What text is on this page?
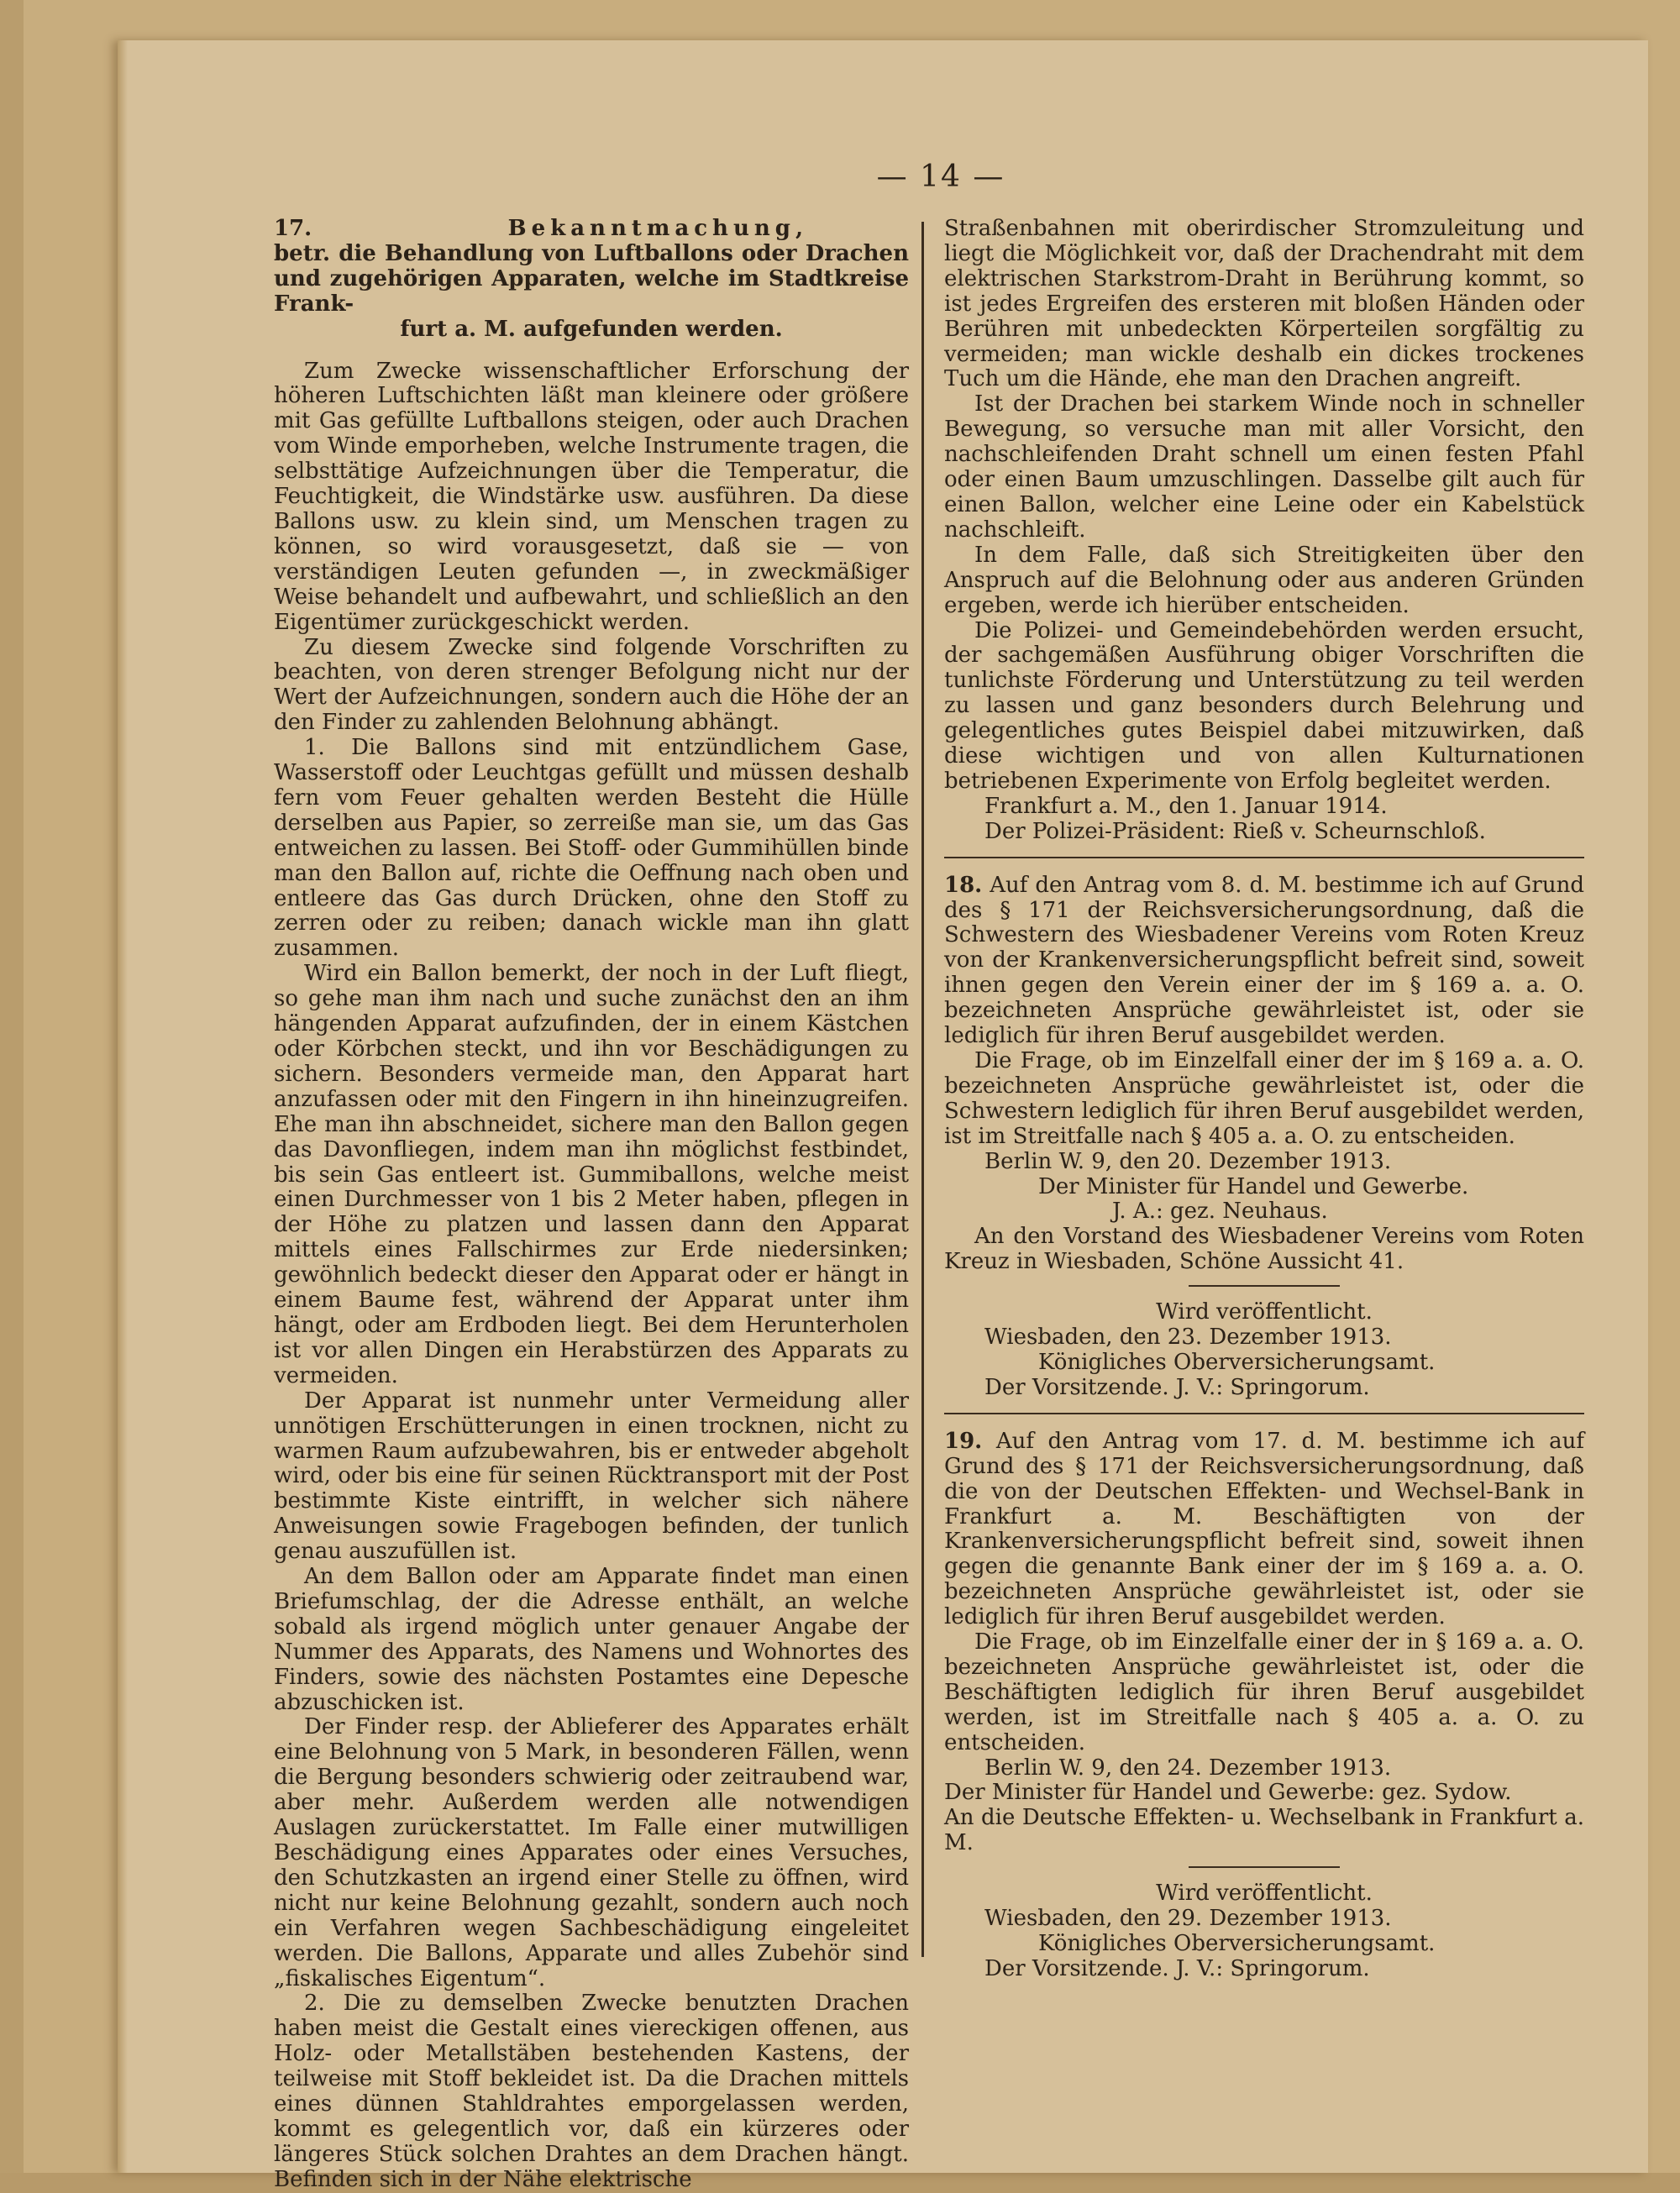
— 14 —
17.	Bekanntmachung,

betr. die Behandlung von Luftballons oder Drachen und zugehörigen Apparaten, welche im Stadtkreise Frank-

furt a. M. aufgefunden werden.

Zum Zwecke wissenschaftlicher Erforschung der höheren Luftschichten läßt man kleinere oder größere mit Gas gefüllte Luftballons steigen, oder auch Drachen vom Winde emporheben, welche Instrumente tragen, die selbsttätige Aufzeichnungen über die Temperatur, die Feuchtigkeit, die Windstärke usw. ausführen. Da diese Ballons usw. zu klein sind, um Menschen tragen zu können, so wird vorausgesetzt, daß sie — von verständigen Leuten gefunden —, in zweckmäßiger Weise behandelt und aufbewahrt, und schließlich an den Eigentümer zurückgeschickt werden.

Zu diesem Zwecke sind folgende Vorschriften zu beachten, von deren strenger Befolgung nicht nur der Wert der Aufzeichnungen, sondern auch die Höhe der an den Finder zu zahlenden Belohnung abhängt.

1. Die Ballons sind mit entzündlichem Gase, Wasserstoff oder Leuchtgas gefüllt und müssen deshalb fern vom Feuer gehalten werden Besteht die Hülle derselben aus Papier, so zerreiße man sie, um das Gas entweichen zu lassen. Bei Stoff- oder Gummihüllen binde man den Ballon auf, richte die Oeffnung nach oben und entleere das Gas durch Drücken, ohne den Stoff zu zerren oder zu reiben; danach wickle man ihn glatt zusammen.

Wird ein Ballon bemerkt, der noch in der Luft fliegt, so gehe man ihm nach und suche zunächst den an ihm hängenden Apparat aufzufinden, der in einem Kästchen oder Körbchen steckt, und ihn vor Beschädigungen zu sichern. Besonders vermeide man, den Apparat hart anzufassen oder mit den Fingern in ihn hineinzugreifen. Ehe man ihn abschneidet, sichere man den Ballon gegen das Davonfliegen, indem man ihn möglichst festbindet, bis sein Gas entleert ist. Gummiballons, welche meist einen Durchmesser von 1 bis 2 Meter haben, pflegen in der Höhe zu platzen und lassen dann den Apparat mittels eines Fallschirmes zur Erde niedersinken; gewöhnlich bedeckt dieser den Apparat oder er hängt in einem Baume fest, während der Apparat unter ihm hängt, oder am Erdboden liegt. Bei dem Herunterholen ist vor allen Dingen ein Herabstürzen des Apparats zu vermeiden.

Der Apparat ist nunmehr unter Vermeidung aller unnötigen Erschütterungen in einen trocknen, nicht zu warmen Raum aufzubewahren, bis er entweder abgeholt wird, oder bis eine für seinen Rücktransport mit der Post bestimmte Kiste eintrifft, in welcher sich nähere Anweisungen sowie Fragebogen befinden, der tunlich genau auszufüllen ist.

An dem Ballon oder am Apparate findet man einen Briefumschlag, der die Adresse enthält, an welche sobald als irgend möglich unter genauer Angabe der Nummer des Apparats, des Namens und Wohnortes des Finders, sowie des nächsten Postamtes eine Depesche abzuschicken ist.

Der Finder resp. der Ablieferer des Apparates erhält eine Belohnung von 5 Mark, in besonderen Fällen, wenn die Bergung besonders schwierig oder zeitraubend war, aber mehr. Außerdem werden alle notwendigen Auslagen zurückerstattet. Im Falle einer mutwilligen Beschädigung eines Apparates oder eines Versuches, den Schutzkasten an irgend einer Stelle zu öffnen, wird nicht nur keine Belohnung gezahlt, sondern auch noch ein Verfahren wegen Sachbeschädigung eingeleitet werden. Die Ballons, Apparate und alles Zubehör sind „fiskalisches Eigentum“.

2. Die zu demselben Zwecke benutzten Drachen haben meist die Gestalt eines viereckigen offenen, aus Holz- oder Metallstäben bestehenden Kastens, der teilweise mit Stoff bekleidet ist. Da die Drachen mittels eines dünnen Stahldrahtes emporgelassen werden, kommt es gelegentlich vor, daß ein kürzeres oder längeres Stück solchen Drahtes an dem Drachen hängt. Befinden sich in der Nähe elektrische

Straßenbahnen mit oberirdischer Stromzuleitung und liegt die Möglichkeit vor, daß der Drachendraht mit dem elektrischen Starkstrom-Draht in Berührung kommt, so ist jedes Ergreifen des ersteren mit bloßen Händen oder Berühren mit unbedeckten Körperteilen sorgfältig zu vermeiden; man wickle deshalb ein dickes trockenes Tuch um die Hände, ehe man den Drachen angreift.

Ist der Drachen bei starkem Winde noch in schneller Bewegung, so versuche man mit aller Vorsicht, den nachschleifenden Draht schnell um einen festen Pfahl oder einen Baum umzuschlingen. Dasselbe gilt auch für einen Ballon, welcher eine Leine oder ein Kabelstück nachschleift.

In dem Falle, daß sich Streitigkeiten über den Anspruch auf die Belohnung oder aus anderen Gründen ergeben, werde ich hierüber entscheiden.

Die Polizei- und Gemeindebehörden werden ersucht, der sachgemäßen Ausführung obiger Vorschriften die tunlichste Förderung und Unterstützung zu teil werden zu lassen und ganz besonders durch Belehrung und gelegentliches gutes Beispiel dabei mitzuwirken, daß diese wichtigen und von allen Kulturnationen betriebenen Experimente von Erfolg begleitet werden.

Frankfurt a. M., den 1. Januar 1914.

Der Polizei-Präsident: Rieß v. Scheurnschloß.

18. Auf den Antrag vom 8. d. M. bestimme ich auf Grund des § 171 der Reichsversicherungsordnung, daß die Schwestern des Wiesbadener Vereins vom Roten Kreuz von der Krankenversicherungspflicht befreit sind, soweit ihnen gegen den Verein einer der im § 169 a. a. O. bezeichneten Ansprüche gewährleistet ist, oder sie lediglich für ihren Beruf ausgebildet werden.

Die Frage, ob im Einzelfall einer der im § 169 a. a. O. bezeichneten Ansprüche gewährleistet ist, oder die Schwestern lediglich für ihren Beruf ausgebildet werden, ist im Streitfalle nach § 405 a. a. O. zu entscheiden.

Berlin W. 9, den 20. Dezember 1913.

Der Minister für Handel und Gewerbe.

J. A.: gez. Neuhaus.

An den Vorstand des Wiesbadener Vereins vom Roten Kreuz in Wiesbaden, Schöne Aussicht 41.

Wird veröffentlicht.

Wiesbaden, den 23. Dezember 1913.

Königliches Oberversicherungsamt.

Der Vorsitzende. J. V.: Springorum.

19. Auf den Antrag vom 17. d. M. bestimme ich auf Grund des § 171 der Reichsversicherungsordnung, daß die von der Deutschen Effekten- und Wechsel-Bank in Frankfurt a. M. Beschäftigten von der Krankenversicherungspflicht befreit sind, soweit ihnen gegen die genannte Bank einer der im § 169 a. a. O. bezeichneten Ansprüche gewährleistet ist, oder sie lediglich für ihren Beruf ausgebildet werden.

Die Frage, ob im Einzelfalle einer der in § 169 a. a. O. bezeichneten Ansprüche gewährleistet ist, oder die Beschäftigten lediglich für ihren Beruf ausgebildet werden, ist im Streitfalle nach § 405 a. a. O. zu entscheiden.

Berlin W. 9, den 24. Dezember 1913.

Der Minister für Handel und Gewerbe: gez. Sydow.

An die Deutsche Effekten- u. Wechselbank in Frankfurt a. M.

Wird veröffentlicht.

Wiesbaden, den 29. Dezember 1913.

Königliches Oberversicherungsamt.

Der Vorsitzende. J. V.: Springorum.
